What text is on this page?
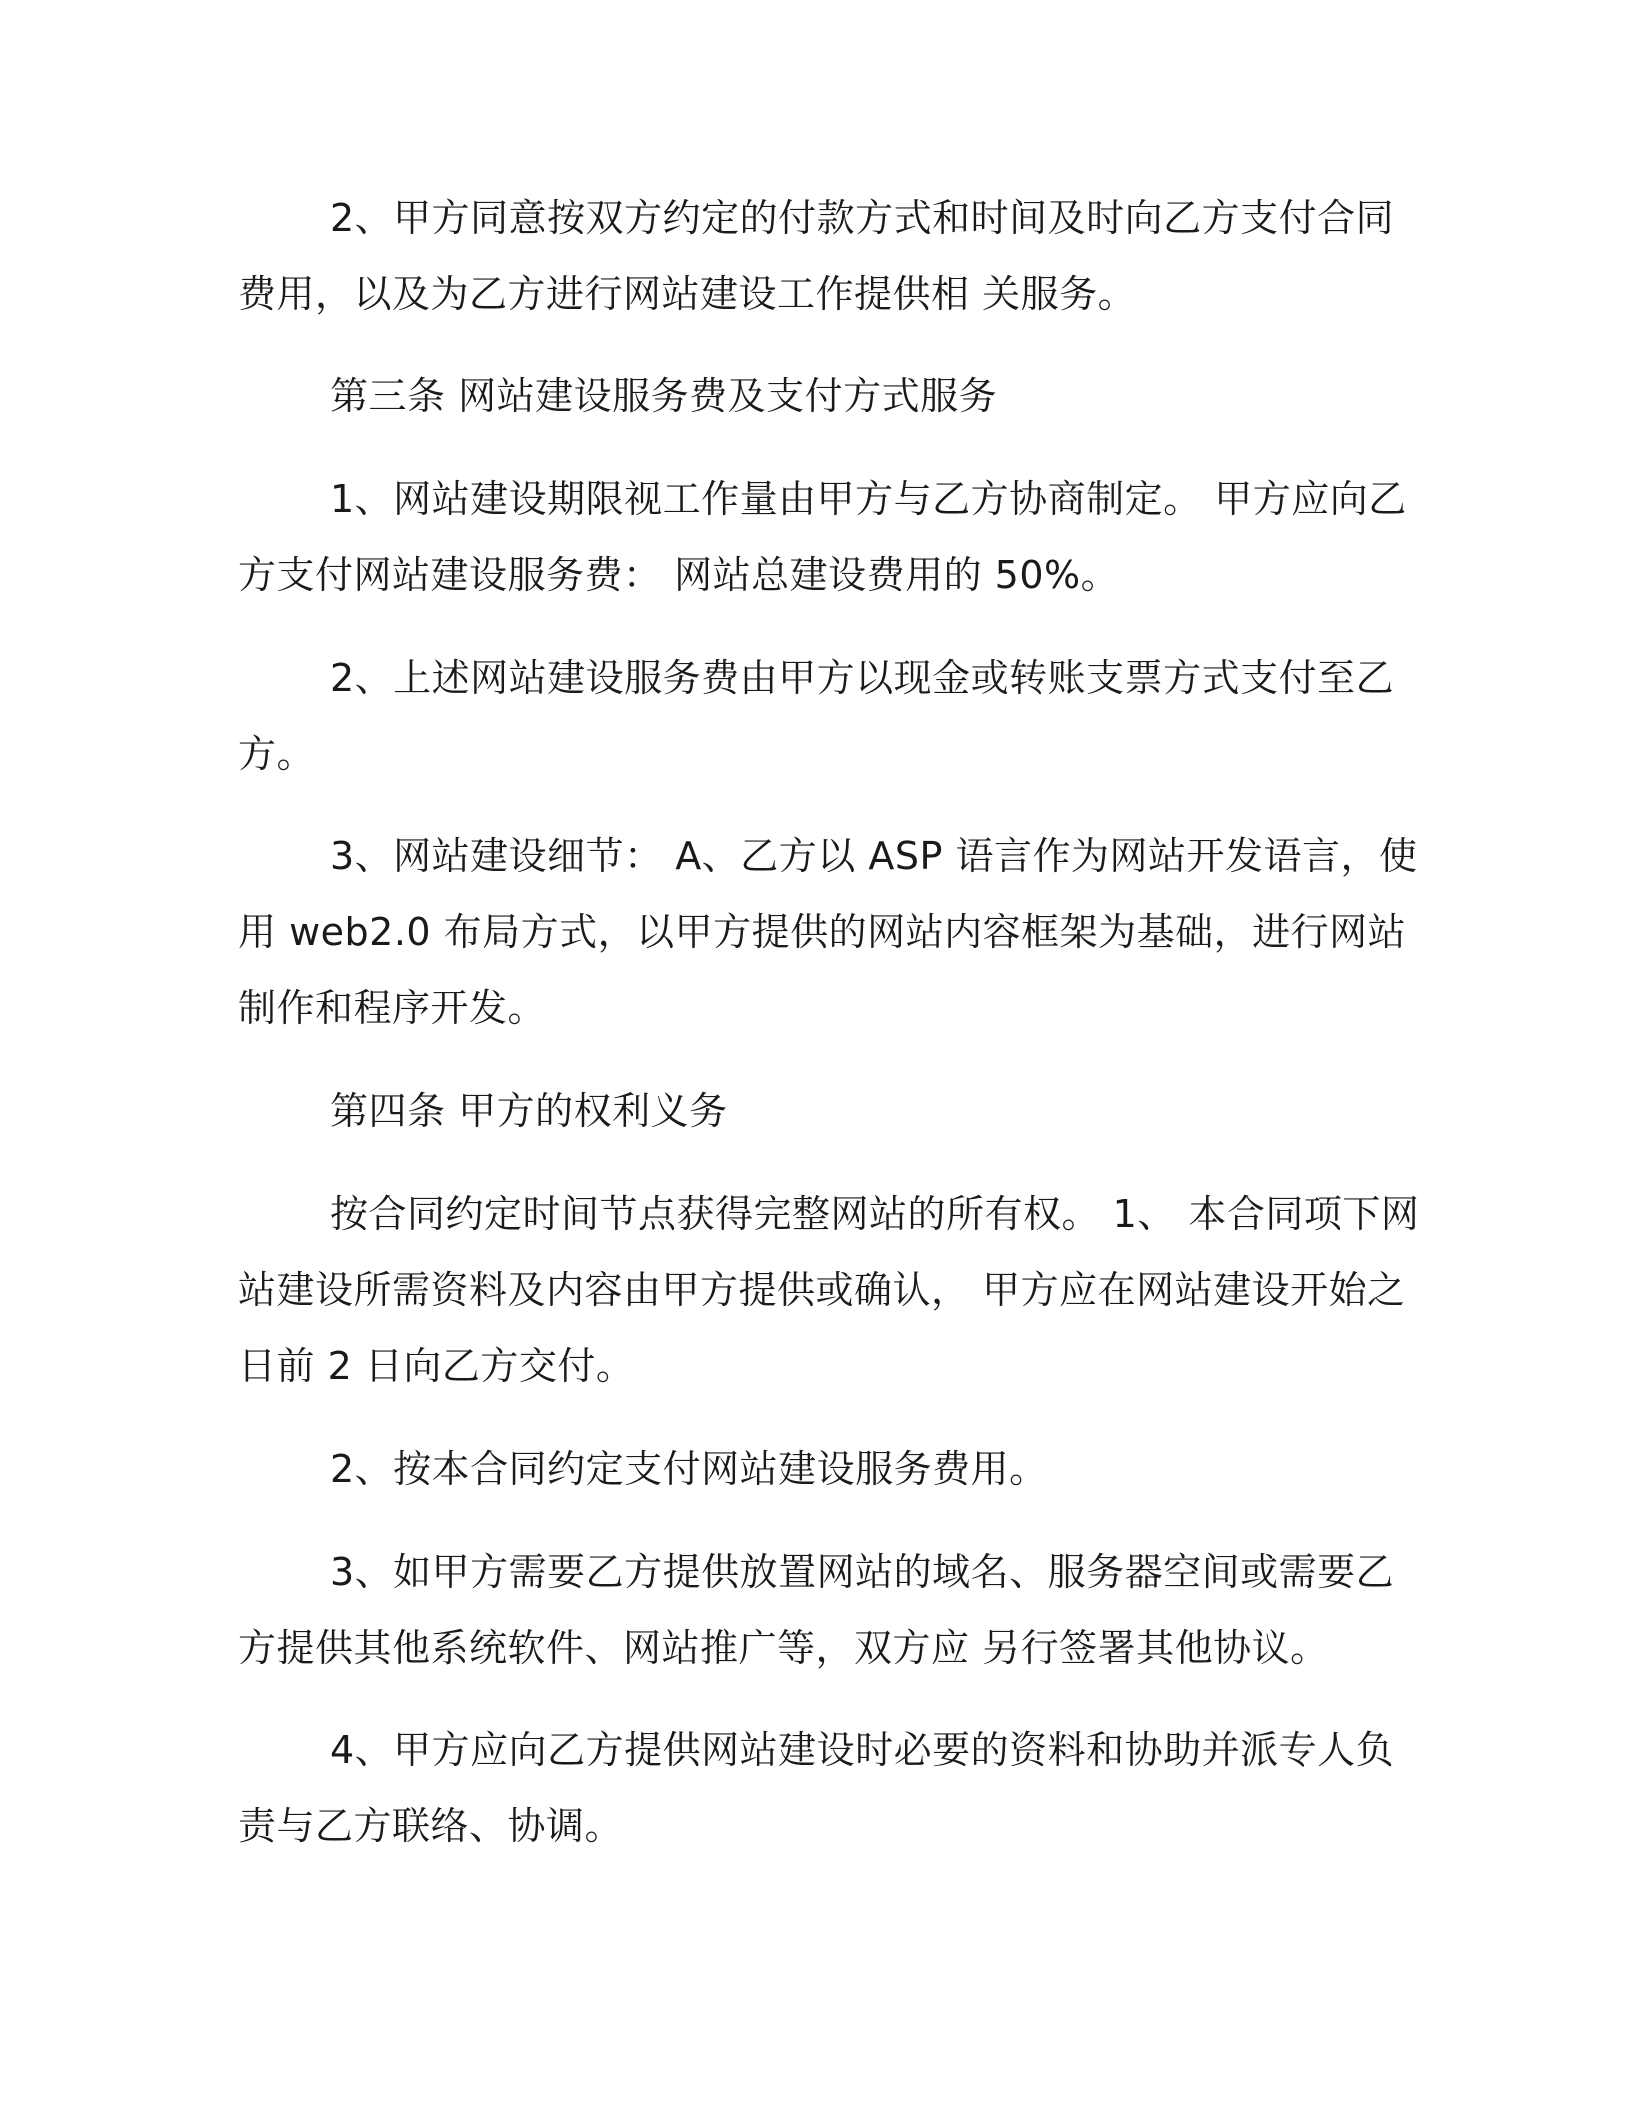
2、甲方同意按双方约定的付款方式和时间及时向乙方支付合同
费用，以及为乙方进行网站建设工作提供相 关服务。
第三条 网站建设服务费及支付方式服务
1、网站建设期限视工作量由甲方与乙方协商制定。 甲方应向乙
方支付网站建设服务费： 网站总建设费用的 50%。
2、上述网站建设服务费由甲方以现金或转账支票方式支付至乙
方。
3、网站建设细节： A、乙方以 ASP 语言作为网站开发语言，使
用 web2.0 布局方式，以甲方提供的网站内容框架为基础，进行网站
制作和程序开发。
第四条 甲方的权利义务
按合同约定时间节点获得完整网站的所有权。 1、 本合同项下网
站建设所需资料及内容由甲方提供或确认， 甲方应在网站建设开始之
日前 2 日向乙方交付。
2、按本合同约定支付网站建设服务费用。
3、如甲方需要乙方提供放置网站的域名、服务器空间或需要乙
方提供其他系统软件、网站推广等，双方应 另行签署其他协议。
4、甲方应向乙方提供网站建设时必要的资料和协助并派专人负
责与乙方联络、协调。
